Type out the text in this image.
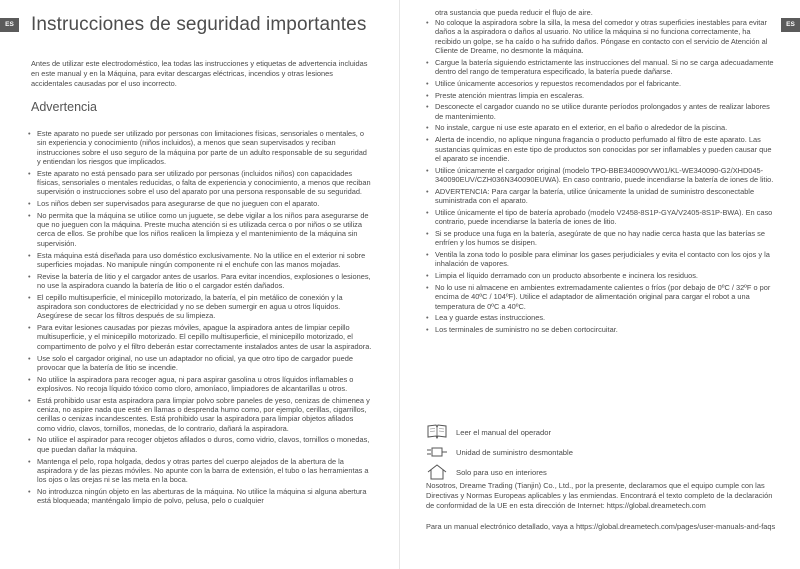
ES Instrucciones de seguridad importantes

Antes de utilizar este electrodoméstico, lea todas las instrucciones y etiquetas de advertencia incluidas en este manual y en la Máquina, para evitar descargas eléctricas, incendios y otras lesiones accidentales causadas por el uso incorrecto.

Advertencia
• Este aparato no puede ser utilizado por personas con limitaciones físicas, sensoriales o mentales, o sin experiencia y conocimiento (niños incluidos), a menos que sean supervisados y reciban instrucciones sobre el uso seguro de la máquina por parte de un adulto responsable de su seguridad y entiendan los riesgos que implicados.
• Este aparato no está pensado para ser utilizado por personas (incluidos niños) con capacidades físicas, sensoriales o mentales reducidas, o falta de experiencia y conocimiento, a menos que reciban supervisión o instrucciones sobre el uso del aparato por una persona responsable de su seguridad.
• Los niños deben ser supervisados para asegurarse de que no jueguen con el aparato.
• No permita que la máquina se utilice como un juguete, se debe vigilar a los niños para asegurarse de que no jueguen con la máquina. Preste mucha atención si es utilizada cerca o por niños o se utiliza cerca de ellos. Se prohíbe que los niños realicen la limpieza y el mantenimiento de la máquina sin supervisión.
• Esta máquina está diseñada para uso doméstico exclusivamente. No la utilice en el exterior ni sobre superficies mojadas. No manipule ningún componente ni el enchufe con las manos mojadas.
• Revise la batería de litio y el cargador antes de usarlos. Para evitar incendios, explosiones o lesiones, no use la aspiradora cuando la batería de litio o el cargador estén dañados.
• El cepillo multisuperficie, el minicepillo motorizado, la batería, el pin metálico de conexión y la aspiradora son conductores de electricidad y no se deben sumergir en agua u otros líquidos. Asegúrese de secar los filtros después de su limpieza.
• Para evitar lesiones causadas por piezas móviles, apague la aspiradora antes de limpiar cepillo multisuperficie, y el minicepillo motorizado. El cepillo multisuperficie, el minicepillo motorizado, el compartimento de polvo y el filtro deberán estar correctamente instalados antes de usar la aspiradora.
• Use solo el cargador original, no use un adaptador no oficial, ya que otro tipo de cargador puede provocar que la batería de litio se incendie.
• No utilice la aspiradora para recoger agua, ni para aspirar gasolina u otros líquidos inflamables o explosivos. No recoja líquido tóxico como cloro, amoníaco, limpiadores de alcantarillas u otros.
• Está prohibido usar esta aspiradora para limpiar polvo sobre paneles de yeso, cenizas de chimenea y ceniza, no aspire nada que esté en llamas o desprenda humo como, por ejemplo, cerillas, cigarrillos, cerillas o cenizas incandescentes. Está prohibido usar la aspiradora para limpiar objetos afilados como vidrio, clavos, tornillos, monedas, de lo contrario, dañará la aspiradora.
• No utilice el aspirador para recoger objetos afilados o duros, como vidrio, clavos, tornillos o monedas, que puedan dañar la máquina.
• Mantenga el pelo, ropa holgada, dedos y otras partes del cuerpo alejados de la abertura de la aspiradora y de las piezas móviles. No apunte con la barra de extensión, el tubo o las herramientas a los ojos o las orejas ni se las meta en la boca.
• No introduzca ningún objeto en las aberturas de la máquina. No utilice la máquina si alguna abertura está bloqueada; manténgalo limpio de polvo, pelusa, pelo o cualquier
ES
otra sustancia que pueda reducir el flujo de aire.
• No coloque la aspiradora sobre la silla, la mesa del comedor y otras superficies inestables para evitar daños a la aspiradora o daños al usuario. No utilice la máquina si no funciona correctamente, ha recibido un golpe, se ha caído o ha sufrido daños. Póngase en contacto con el servicio de Atención al Cliente de Dreame, no desmonte la máquina.
• Cargue la batería siguiendo estrictamente las instrucciones del manual. Si no se carga adecuadamente dentro del rango de temperatura especificado, la batería puede dañarse.
• Utilice únicamente accesorios y repuestos recomendados por el fabricante.
• Preste atención mientras limpia en escaleras.
• Desconecte el cargador cuando no se utilice durante períodos prolongados y antes de realizar labores de mantenimiento.
• No instale, cargue ni use este aparato en el exterior, en el baño o alrededor de la piscina.
• Alerta de incendio, no aplique ninguna fragancia o producto perfumado al filtro de este aparato. Las sustancias químicas en este tipo de productos son conocidas por ser inflamables y pueden causar que el aparato se incendie.
• Utilice únicamente el cargador original (modelo TPO-BBE340090VW01/KL-WE340090-G2/XHD045-340090EUV/CZH036N340090EUWA). En caso contrario, puede incendiarse la batería de iones de litio.
• ADVERTENCIA: Para cargar la batería, utilice únicamente la unidad de suministro desconectable suministrada con el aparato.
• Utilice únicamente el tipo de batería aprobado (modelo V2458-8S1P-GYA/V2405-8S1P-BWA). En caso contrario, puede incendiarse la batería de iones de litio.
• Si se produce una fuga en la batería, asegúrate de que no hay nadie cerca hasta que las baterías se enfríen y los humos se disipen.
• Ventila la zona todo lo posible para eliminar los gases perjudiciales y evita el contacto con los ojos y la inhalación de vapores.
• Limpia el líquido derramado con un producto absorbente e incinera los residuos.
• No lo use ni almacene en ambientes extremadamente calientes o fríos (por debajo de 0ºC / 32ºF o por encima de 40ºC / 104ºF). Utilice el adaptador de alimentación original para cargar el robot a una temperatura de 0ºC a 40ºC.
• Lea y guarde estas instrucciones.
• Los terminales de suministro no se deben cortocircuitar.
Leer el manual del operador
Unidad de suministro desmontable
Solo para uso en interiores

Nosotros, Dreame Trading (Tianjin) Co., Ltd., por la presente, declaramos que el equipo cumple con las Directivas y Normas Europeas aplicables y las enmiendas. Encontrará el texto completo de la declaración de conformidad de la UE en esta dirección de Internet: https://global.dreametech.com

Para un manual electrónico detallado, vaya a https://global.dreametech.com/pages/user-manuals-and-faqs
